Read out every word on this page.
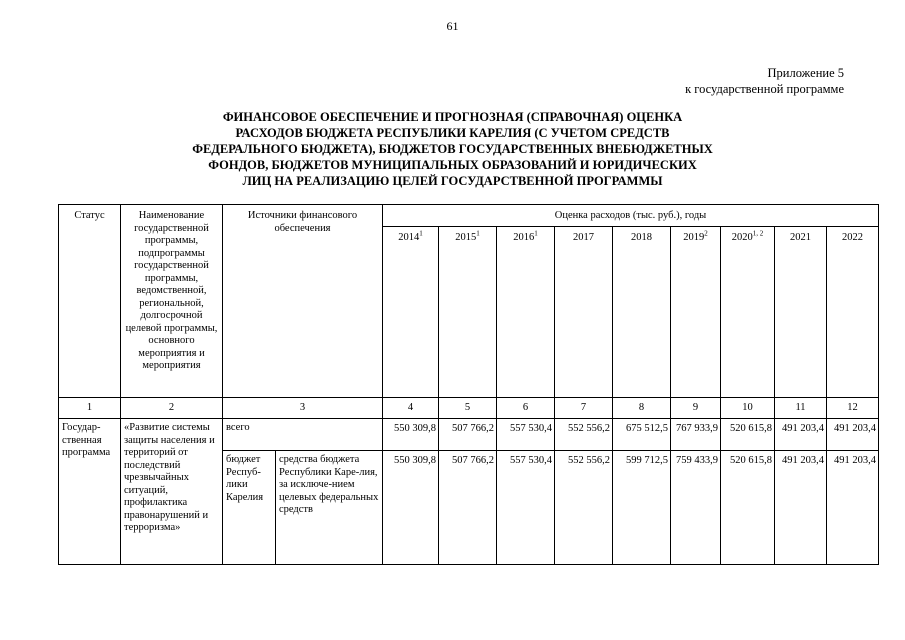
61
Приложение 5
к государственной программе
ФИНАНСОВОЕ ОБЕСПЕЧЕНИЕ И ПРОГНОЗНАЯ (СПРАВОЧНАЯ) ОЦЕНКА
РАСХОДОВ БЮДЖЕТА РЕСПУБЛИКИ КАРЕЛИЯ (С УЧЕТОМ СРЕДСТВ
ФЕДЕРАЛЬНОГО БЮДЖЕТА), БЮДЖЕТОВ ГОСУДАРСТВЕННЫХ ВНЕБЮДЖЕТНЫХ
ФОНДОВ, БЮДЖЕТОВ МУНИЦИПАЛЬНЫХ ОБРАЗОВАНИЙ И ЮРИДИЧЕСКИХ
ЛИЦ НА РЕАЛИЗАЦИЮ ЦЕЛЕЙ ГОСУДАРСТВЕННОЙ ПРОГРАММЫ
Статус	Наименование государственной программы, подпрограммы государственной программы, ведомственной, региональной, долгосрочной целевой программы, основного мероприятия и мероприятия	Источники финансового обеспечения		Оценка расходов (тыс. руб.), годы								
				2014$^1$	2015$^1$	2016$^1$	2017	2018	2019$^2$	2020$^{1, 2}$	2021	2022
1	2	3		4	5	6	7	8	9	10	11	12
Государ-ственная программа	«Развитие системы защиты населения и территорий от последствий чрезвычайных ситуаций, профилактика правонарушений и терроризма»	всего		550 309,8	507 766,2	557 530,4	552 556,2	675 512,5	767 933,9	520 615,8	491 203,4	491 203,4
		бюджет Респуб-лики Карелия	средства бюджета Республики Каре-лия, за исключе-нием целевых федеральных средств	550 309,8	507 766,2	557 530,4	552 556,2	599 712,5	759 433,9	520 615,8	491 203,4	491 203,4
